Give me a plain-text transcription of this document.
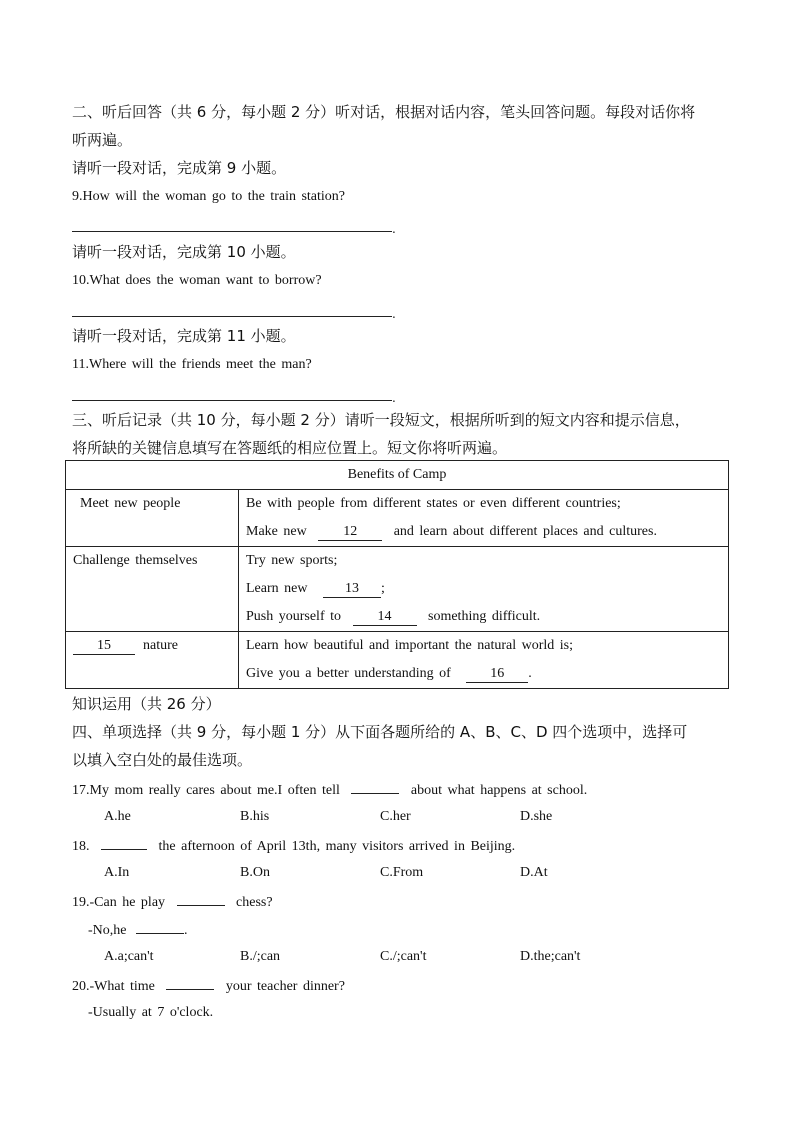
二、听后回答（共 6 分，每小题 2 分）听对话，根据对话内容，笔头回答问题。每段对话你将
听两遍。
请听一段对话，完成第 9 小题。
9.How will the woman go to the train station?
.
请听一段对话，完成第 10 小题。
10.What does the woman want to borrow?
.
请听一段对话，完成第 11 小题。
11.Where will the friends meet the man?
.
三、听后记录（共 10 分，每小题 2 分）请听一段短文，根据所听到的短文内容和提示信息，
将所缺的关键信息填写在答题纸的相应位置上。短文你将听两遍。
Benefits of Camp	

Meet new people	Be with people from different states or even different countries;
Make new 12 and learn about different places and cultures.

Challenge themselves	Try new sports;
Learn new 13 ;
Push yourself to 14 something difficult.

15 nature	Learn how beautiful and important the natural world is;
Give you a better understanding of 16 .
知识运用（共 26 分）
四、单项选择（共 9 分，每小题 1 分）从下面各题所给的 A、B、C、D 四个选项中，选择可
以填入空白处的最佳选项。
17.My mom really cares about me.I often tell	about what happens at school.
A.he	B.his	C.her	D.she
18.	the afternoon of April 13th, many visitors arrived in Beijing.
A.In	B.On	C.From	D.At
19.-Can he play	chess?
-No,he	.
A.a;can't	B./;can	C./;can't	D.the;can't
20.-What time	your teacher dinner?
-Usually at 7 o'clock.
